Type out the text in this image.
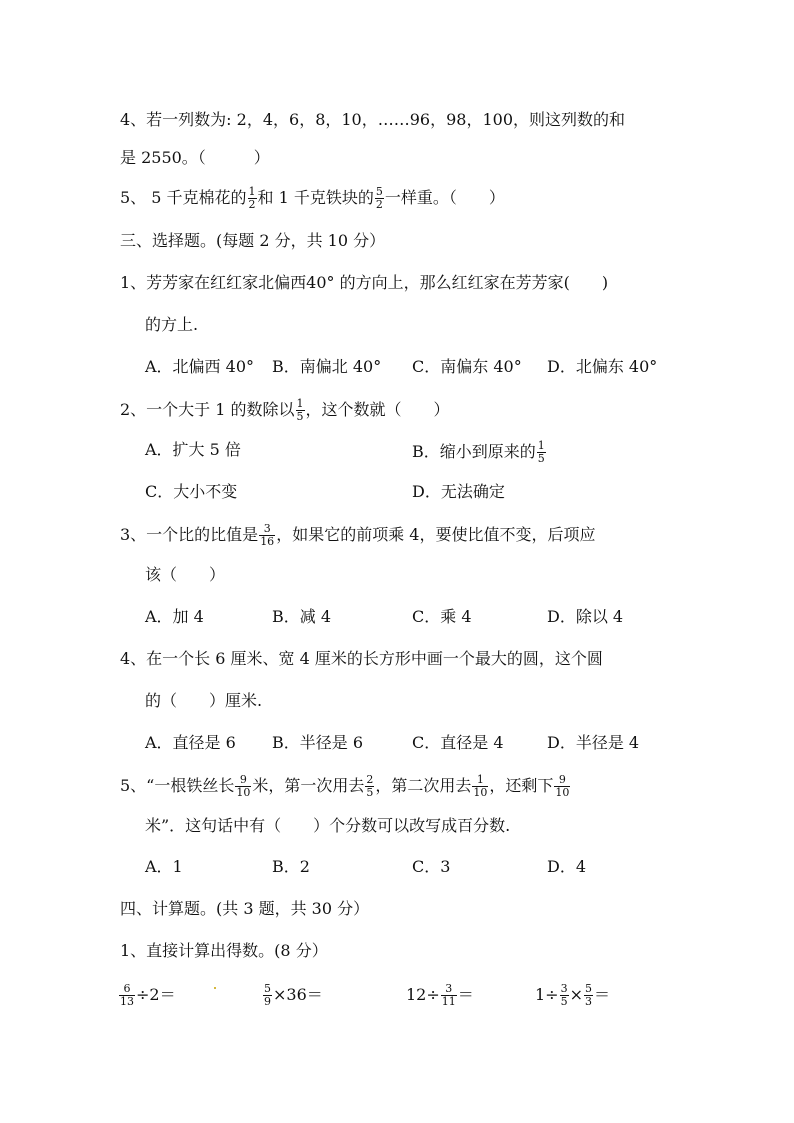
4、若一列数为: 2，4，6，8，10，……96，98，100，则这列数的和
是 2550。（　　　）
5、 5 千克棉花的 $\frac{1}{2}$ 和 1 千克铁块的 $\frac{5}{2}$ 一样重。（　　）
三、选择题。(每题 2 分，共 10 分）
1、芳芳家在红红家北偏西40° 的方向上，那么红红家在芳芳家(　　)
的方上.
A．北偏西 40° B．南偏北 40° C．南偏东 40° D．北偏东 40°
2、一个大于 1 的数除以 $\frac{1}{5}$ ，这个数就（　　）
A．扩大 5 倍	B．缩小到原来的 $\frac{1}{5}$
C．大小不变	D．无法确定
3、一个比的比值是 $\frac{3}{16}$ ，如果它的前项乘 4，要使比值不变，后项应
该（　　）
A．加 4	B．减 4	C．乘 4	D．除以 4
4、在一个长 6 厘米、宽 4 厘米的长方形中画一个最大的圆，这个圆
的（　　）厘米.
A．直径是 6 B．半径是 6	C．直径是 4	D．半径是 4
5、“一根铁丝长 $\frac{9}{10}$ 米，第一次用去 $\frac{2}{5}$ ，第二次用去 $\frac{1}{10}$ ，还剩下 $\frac{9}{10}$
米”．这句话中有（　　）个分数可以改写成百分数.
A．1	B．2	C．3	D．4
四、计算题。(共 3 题，共 30 分）
1、直接计算出得数。(8 分）
$\frac{6}{13} \div 2=$	$\frac{5}{9} \times 36=$	$12\div \frac{3}{11}$ ＝	$1\div \frac{3}{5} \times \frac{5}{3}$ ＝
